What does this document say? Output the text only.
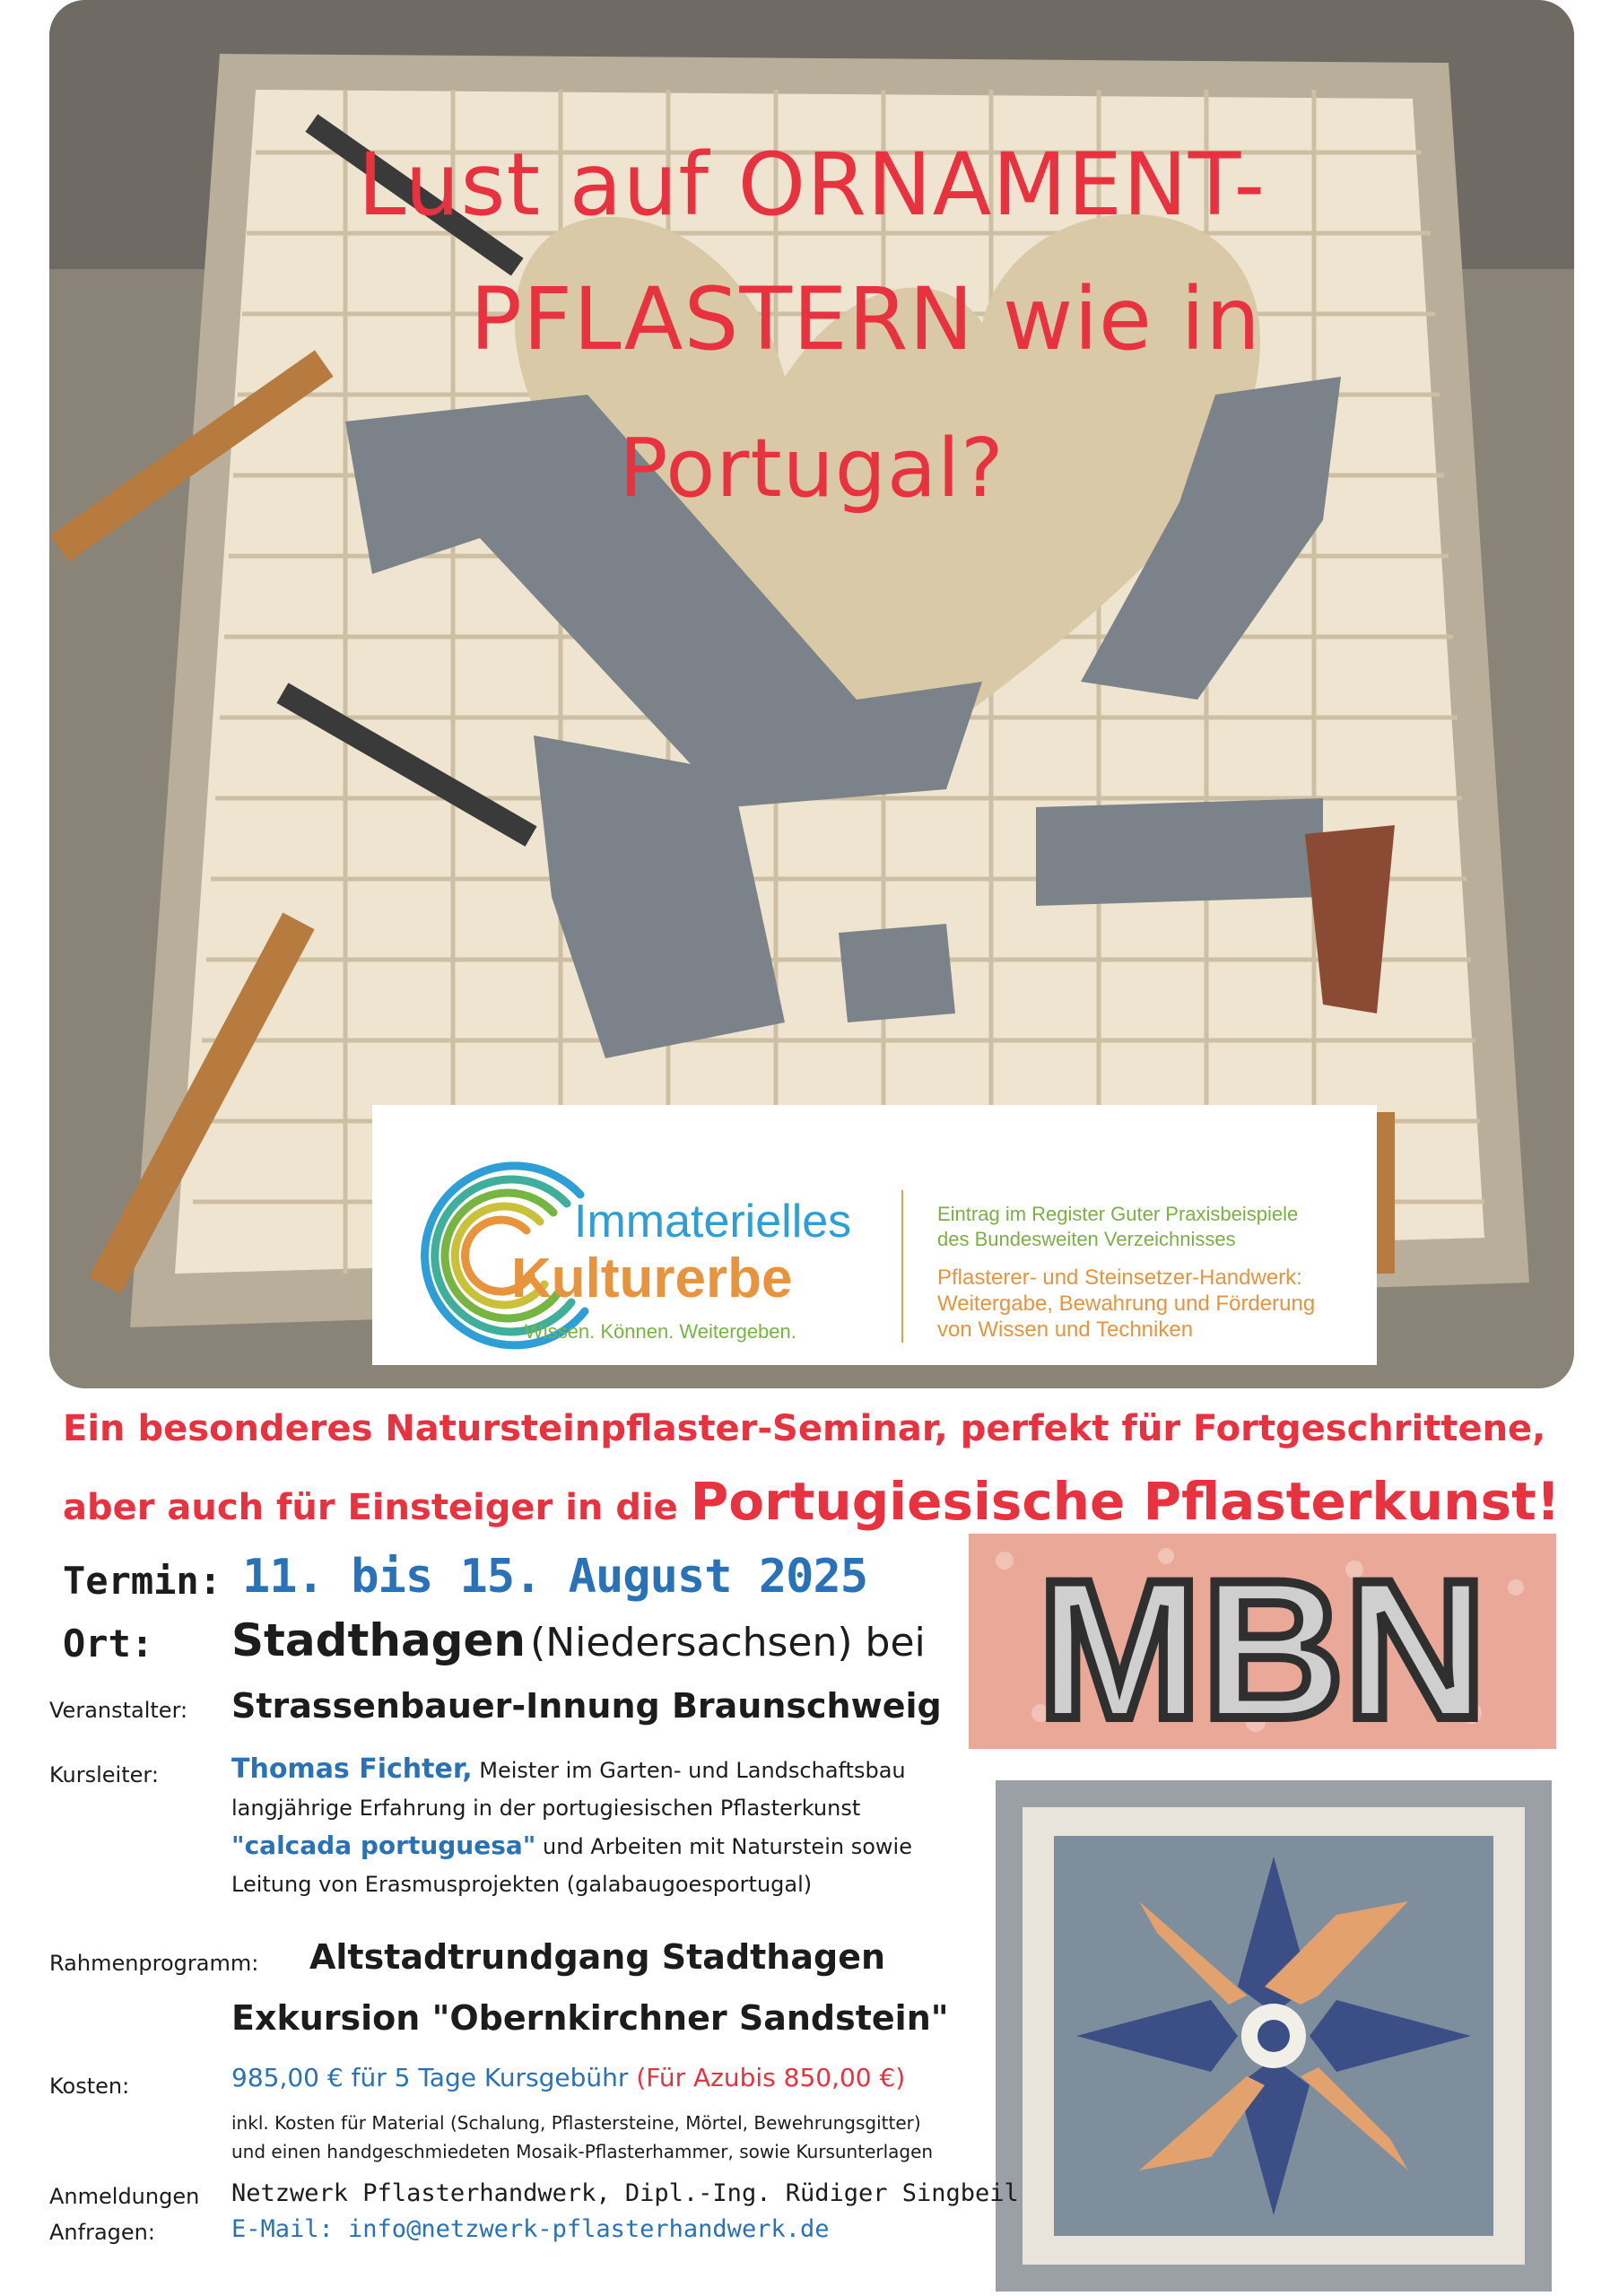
Lust auf ORNAMENT-
PFLASTERN wie in
Portugal?
Immaterielles
Kulturerbe
Wissen. Können. Weitergeben.
Eintrag im Register Guter Praxisbeispiele
des Bundesweiten Verzeichnisses
Pflasterer- und Steinsetzer-Handwerk:
Weitergabe, Bewahrung und Förderung
von Wissen und Techniken
Ein besonderes Natursteinpflaster-Seminar, perfekt für Fortgeschrittene,
aber auch für Einsteiger in die Portugiesische Pflasterkunst!
MBN
Termin: 11. bis 15. August 2025
Ort: Stadthagen (Niedersachsen) bei
Veranstalter: Strassenbauer-Innung Braunschweig
Kursleiter:	Thomas Fichter, Meister im Garten- und Landschaftsbau
langjährige Erfahrung in der portugiesischen Pflasterkunst
"calcada portuguesa" und Arbeiten mit Naturstein sowie
Leitung von Erasmusprojekten (galabaugoesportugal)
Rahmenprogramm: Altstadtrundgang Stadthagen
Exkursion "Obernkirchner Sandstein"
Kosten:	985,00 € für 5 Tage Kursgebühr (Für Azubis 850,00 €)
inkl. Kosten für Material (Schalung, Pflastersteine, Mörtel, Bewehrungsgitter)
und einen handgeschmiedeten Mosaik-Pflasterhammer, sowie Kursunterlagen
Anmeldungen
Anfragen:
Netzwerk Pflasterhandwerk, Dipl.-Ing. Rüdiger Singbeil
E-Mail: info@netzwerk-pflasterhandwerk.de
